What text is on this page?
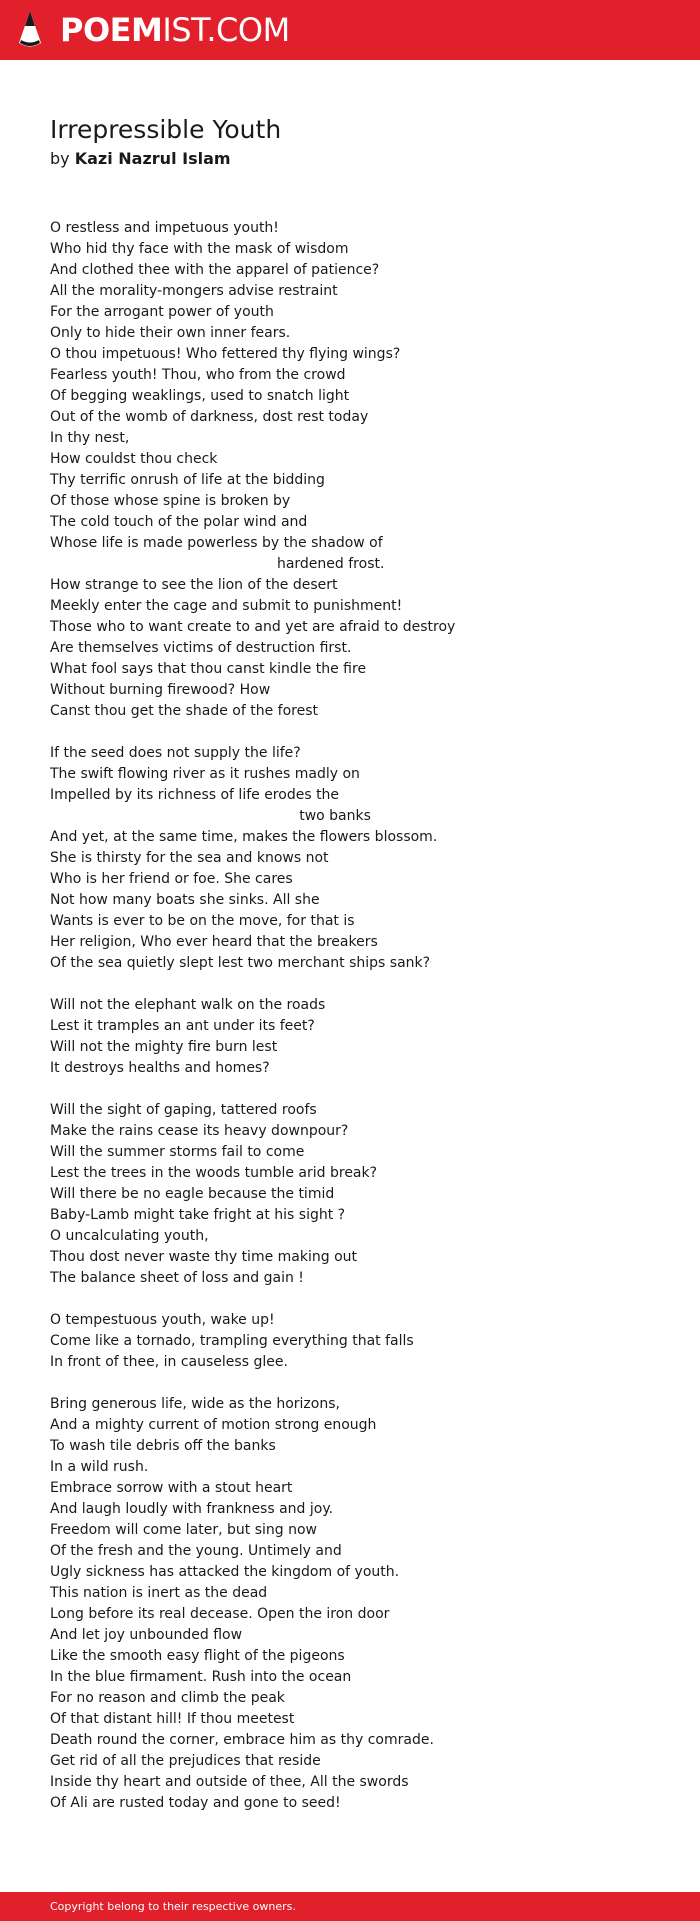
POEMIST.COM
Irrepressible Youth
by Kazi Nazrul Islam
O restless and impetuous youth!
Who hid thy face with the mask of wisdom
And clothed thee with the apparel of patience?
All the morality-mongers advise restraint
For the arrogant power of youth
Only to hide their own inner fears.
O thou impetuous! Who fettered thy flying wings?
Fearless youth! Thou, who from the crowd
Of begging weaklings, used to snatch light
Out of the womb of darkness, dost rest today
In thy nest,
How couldst thou check
Thy terrific onrush of life at the bidding
Of those whose spine is broken by
The cold touch of the polar wind and
Whose life is made powerless by the shadow of
hardened frost.
How strange to see the lion of the desert
Meekly enter the cage and submit to punishment!
Those who to want create to and yet are afraid to destroy
Are themselves victims of destruction first.
What fool says that thou canst kindle the fire
Without burning firewood? How
Canst thou get the shade of the forest
If the seed does not supply the life?
The swift flowing river as it rushes madly on
Impelled by its richness of life erodes the
two banks
And yet, at the same time, makes the flowers blossom.
She is thirsty for the sea and knows not
Who is her friend or foe. She cares
Not how many boats she sinks. All she
Wants is ever to be on the move, for that is
Her religion, Who ever heard that the breakers
Of the sea quietly slept lest two merchant ships sank?
Will not the elephant walk on the roads
Lest it tramples an ant under its feet?
Will not the mighty fire burn lest
It destroys healths and homes?
Will the sight of gaping, tattered roofs
Make the rains cease its heavy downpour?
Will the summer storms fail to come
Lest the trees in the woods tumble arid break?
Will there be no eagle because the timid
Baby-Lamb might take fright at his sight ?
O uncalculating youth,
Thou dost never waste thy time making out
The balance sheet of loss and gain !
O tempestuous youth, wake up!
Come like a tornado, trampling everything that falls
In front of thee, in causeless glee.
Bring generous life, wide as the horizons,
And a mighty current of motion strong enough
To wash tile debris off the banks
In a wild rush.
Embrace sorrow with a stout heart
And laugh loudly with frankness and joy.
Freedom will come later, but sing now
Of the fresh and the young. Untimely and
Ugly sickness has attacked the kingdom of youth.
This nation is inert as the dead
Long before its real decease. Open the iron door
And let joy unbounded flow
Like the smooth easy flight of the pigeons
In the blue firmament. Rush into the ocean
For no reason and climb the peak
Of that distant hill! If thou meetest
Death round the corner, embrace him as thy comrade.
Get rid of all the prejudices that reside
Inside thy heart and outside of thee, All the swords
Of Ali are rusted today and gone to seed!
Copyright belong to their respective owners.
